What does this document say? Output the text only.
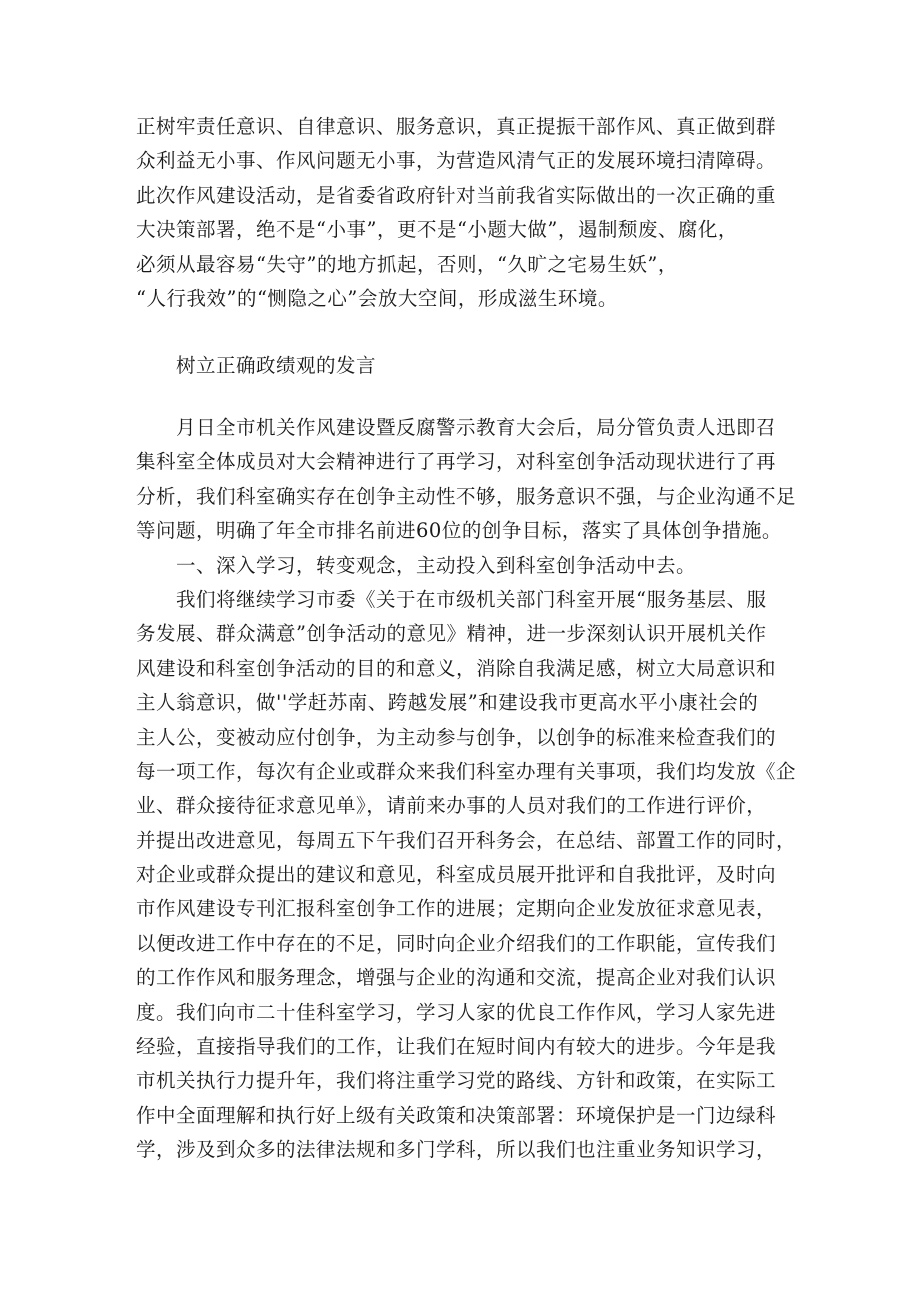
正树牢责任意识、自律意识、服务意识，真正提振干部作风、真正做到群
众利益无小事、作风问题无小事，为营造风清气正的发展环境扫清障碍。
此次作风建设活动，是省委省政府针对当前我省实际做出的一次正确的重
大决策部署，绝不是“小事”，更不是“小题大做”，遏制颓废、腐化，
必须从最容易“失守”的地方抓起，否则，“久旷之宅易生妖”，
“人行我效”的“恻隐之心”会放大空间，形成滋生环境。
树立正确政绩观的发言
月日全市机关作风建设暨反腐警示教育大会后，局分管负责人迅即召
集科室全体成员对大会精神进行了再学习，对科室创争活动现状进行了再
分析，我们科室确实存在创争主动性不够，服务意识不强，与企业沟通不足
等问题，明确了年全市排名前进60位的创争目标，落实了具体创争措施。
一、深入学习，转变观念，主动投入到科室创争活动中去。
我们将继续学习市委《关于在市级机关部门科室开展“服务基层、服
务发展、群众满意”创争活动的意见》精神，进一步深刻认识开展机关作
风建设和科室创争活动的目的和意义，消除自我满足感，树立大局意识和
主人翁意识，做''学赶苏南、跨越发展”和建设我市更高水平小康社会的
主人公，变被动应付创争，为主动参与创争，以创争的标准来检查我们的
每一项工作，每次有企业或群众来我们科室办理有关事项，我们均发放《企
业、群众接待征求意见单》，请前来办事的人员对我们的工作进行评价，
并提出改进意见，每周五下午我们召开科务会，在总结、部置工作的同时，
对企业或群众提出的建议和意见，科室成员展开批评和自我批评，及时向
市作风建设专刊汇报科室创争工作的进展；定期向企业发放征求意见表，
以便改进工作中存在的不足，同时向企业介绍我们的工作职能，宣传我们
的工作作风和服务理念，增强与企业的沟通和交流，提高企业对我们认识
度。我们向市二十佳科室学习，学习人家的优良工作作风，学习人家先进
经验，直接指导我们的工作，让我们在短时间内有较大的进步。今年是我
市机关执行力提升年，我们将注重学习党的路线、方针和政策，在实际工
作中全面理解和执行好上级有关政策和决策部署：环境保护是一门边绿科
学，涉及到众多的法律法规和多门学科，所以我们也注重业务知识学习，
